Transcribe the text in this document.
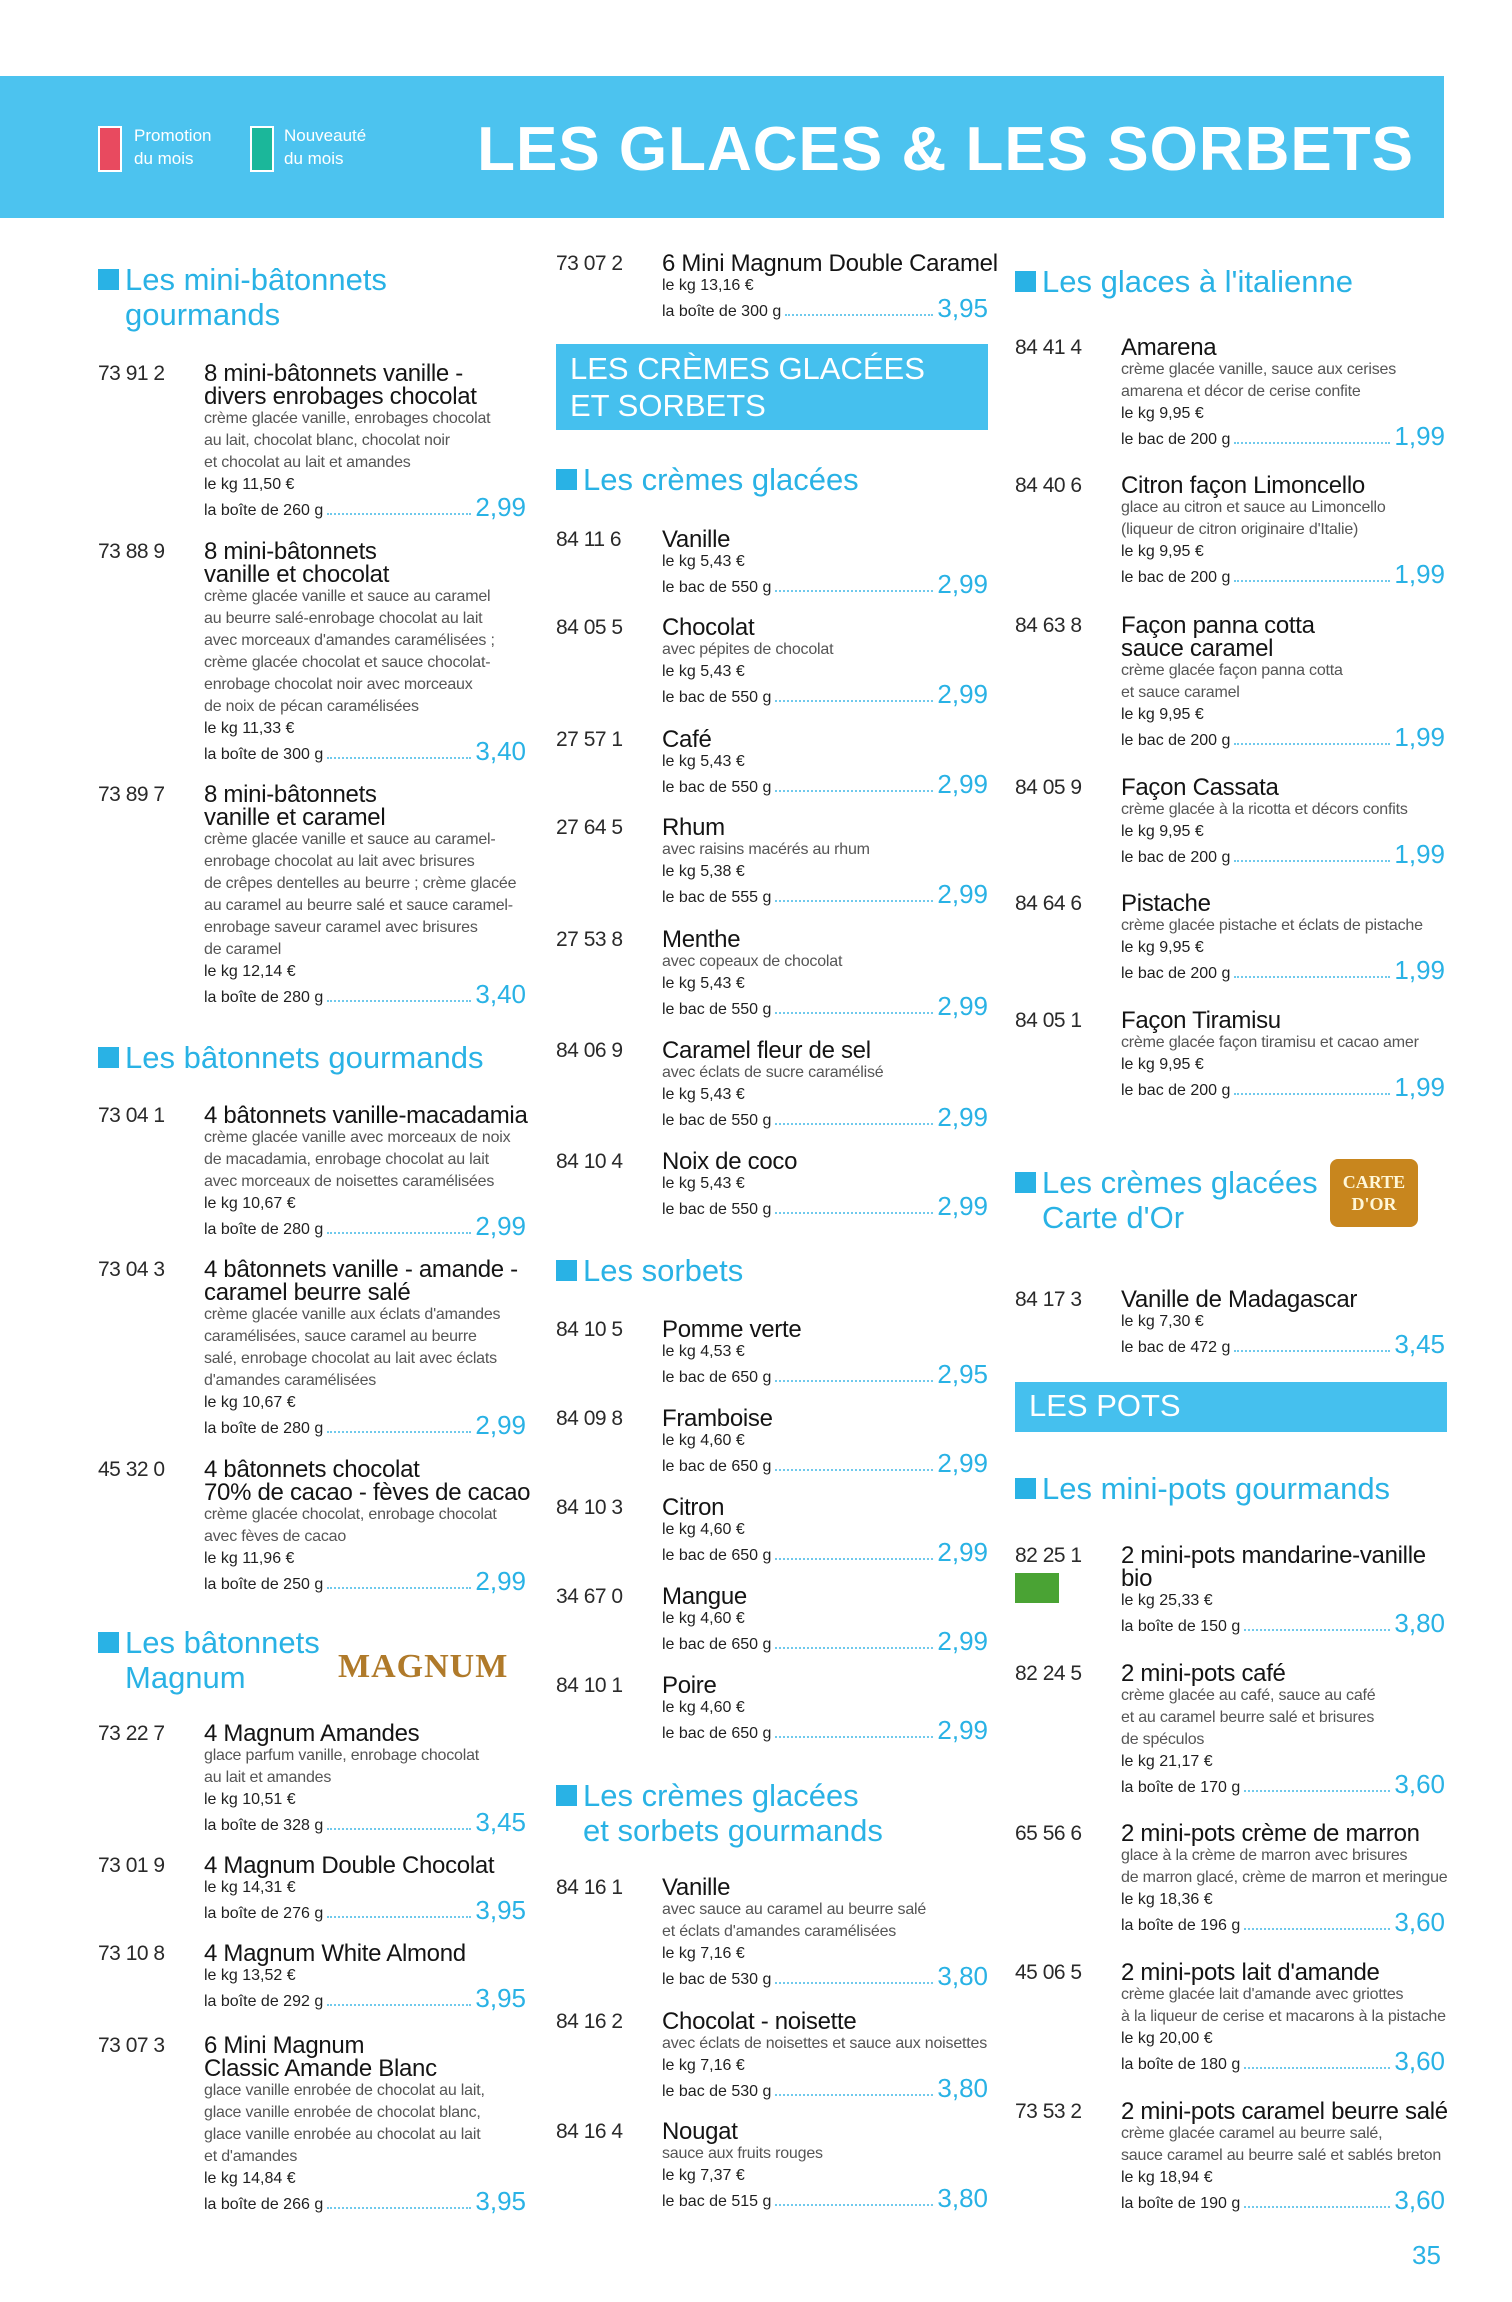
Promotion
du mois
Nouveauté
du mois	LES GLACES & LES SORBETS
Les mini-bâtonnets
gourmands
Les bâtonnets gourmands
Les bâtonnets
Magnum	MAGNUM
LES CRÈMES GLACÉES
ET SORBETS
Les crèmes glacées
Les sorbets
Les crèmes glacées
et sorbets gourmands
Les glaces à l'italienne
Les crèmes glacées
Carte d'Or
CARTE
D'OR
LES POTS
Les mini-pots gourmands
35
73 91 2 8 mini-bâtonnets vanille -
divers enrobages chocolat
crème glacée vanille, enrobages chocolat
au lait, chocolat blanc, chocolat noir
et chocolat au lait et amandes
le kg 11,50 €
la boîte de 260 g	2,99
73 88 9 8 mini-bâtonnets
vanille et chocolat
crème glacée vanille et sauce au caramel
au beurre salé-enrobage chocolat au lait
avec morceaux d'amandes caramélisées ;
crème glacée chocolat et sauce chocolat-
enrobage chocolat noir avec morceaux
de noix de pécan caramélisées
le kg 11,33 €
la boîte de 300 g	3,40
73 89 7 8 mini-bâtonnets
vanille et caramel
crème glacée vanille et sauce au caramel-
enrobage chocolat au lait avec brisures
de crêpes dentelles au beurre ; crème glacée
au caramel au beurre salé et sauce caramel-
enrobage saveur caramel avec brisures
de caramel
le kg 12,14 €
la boîte de 280 g	3,40
73 04 1 4 bâtonnets vanille-macadamia
crème glacée vanille avec morceaux de noix
de macadamia, enrobage chocolat au lait
avec morceaux de noisettes caramélisées
le kg 10,67 €
la boîte de 280 g	2,99
73 04 3 4 bâtonnets vanille - amande -
caramel beurre salé
crème glacée vanille aux éclats d'amandes
caramélisées, sauce caramel au beurre
salé, enrobage chocolat au lait avec éclats
d'amandes caramélisées
le kg 10,67 €
la boîte de 280 g	2,99
45 32 0 4 bâtonnets chocolat
70% de cacao - fèves de cacao
crème glacée chocolat, enrobage chocolat
avec fèves de cacao
le kg 11,96 €
la boîte de 250 g	2,99
73 22 7 4 Magnum Amandes
glace parfum vanille, enrobage chocolat
au lait et amandes
le kg 10,51 €
la boîte de 328 g	3,45
73 01 9 4 Magnum Double Chocolat
le kg 14,31 €
la boîte de 276 g	3,95
73 10 8 4 Magnum White Almond
le kg 13,52 €
la boîte de 292 g	3,95
73 07 3 6 Mini Magnum
Classic Amande Blanc
glace vanille enrobée de chocolat au lait,
glace vanille enrobée de chocolat blanc,
glace vanille enrobée au chocolat au lait
et d'amandes
le kg 14,84 €
la boîte de 266 g	3,95
84 11 6 Vanille
le kg 5,43 €
le bac de 550 g	2,99
84 05 5 Chocolat
avec pépites de chocolat
le kg 5,43 €
le bac de 550 g	2,99
27 57 1 Café
le kg 5,43 €
le bac de 550 g	2,99
27 64 5 Rhum
avec raisins macérés au rhum
le kg 5,38 €
le bac de 555 g	2,99
27 53 8 Menthe
avec copeaux de chocolat
le kg 5,43 €
le bac de 550 g	2,99
84 06 9 Caramel fleur de sel
avec éclats de sucre caramélisé
le kg 5,43 €
le bac de 550 g	2,99
84 10 4 Noix de coco
le kg 5,43 €
le bac de 550 g	2,99
84 10 5 Pomme verte
le kg 4,53 €
le bac de 650 g	2,95
84 09 8 Framboise
le kg 4,60 €
le bac de 650 g	2,99
84 10 3 Citron
le kg 4,60 €
le bac de 650 g	2,99
34 67 0 Mangue
le kg 4,60 €
le bac de 650 g	2,99
84 10 1 Poire
le kg 4,60 €
le bac de 650 g	2,99
84 16 1 Vanille
avec sauce au caramel au beurre salé
et éclats d'amandes caramélisées
le kg 7,16 €
le bac de 530 g	3,80
84 16 2 Chocolat - noisette
avec éclats de noisettes et sauce aux noisettes
le kg 7,16 €
le bac de 530 g	3,80
84 16 4 Nougat
sauce aux fruits rouges
le kg 7,37 €
le bac de 515 g	3,80
84 41 4 Amarena
crème glacée vanille, sauce aux cerises
amarena et décor de cerise confite
le kg 9,95 €
le bac de 200 g	1,99
84 40 6 Citron façon Limoncello
glace au citron et sauce au Limoncello
(liqueur de citron originaire d'Italie)
le kg 9,95 €
le bac de 200 g	1,99
84 63 8 Façon panna cotta
sauce caramel
crème glacée façon panna cotta
et sauce caramel
le kg 9,95 €
le bac de 200 g	1,99
84 05 9 Façon Cassata
crème glacée à la ricotta et décors confits
le kg 9,95 €
le bac de 200 g	1,99
84 64 6 Pistache
crème glacée pistache et éclats de pistache
le kg 9,95 €
le bac de 200 g	1,99
84 05 1 Façon Tiramisu
crème glacée façon tiramisu et cacao amer
le kg 9,95 €
le bac de 200 g	1,99
84 17 3 Vanille de Madagascar
le kg 7,30 €
le bac de 472 g	3,45
82 25 1 2 mini-pots mandarine-vanille
bio
le kg 25,33 €
la boîte de 150 g	3,80
82 24 5 2 mini-pots café
crème glacée au café, sauce au café
et au caramel beurre salé et brisures
de spéculos
le kg 21,17 €
la boîte de 170 g	3,60
65 56 6 2 mini-pots crème de marron
glace à la crème de marron avec brisures
de marron glacé, crème de marron et meringue
le kg 18,36 €
la boîte de 196 g	3,60
45 06 5 2 mini-pots lait d'amande
crème glacée lait d'amande avec griottes
à la liqueur de cerise et macarons à la pistache
le kg 20,00 €
la boîte de 180 g	3,60
73 53 2 2 mini-pots caramel beurre salé
crème glacée caramel au beurre salé,
sauce caramel au beurre salé et sablés breton
le kg 18,94 €
la boîte de 190 g	3,60
73 07 2 6 Mini Magnum Double Caramel
le kg 13,16 €
la boîte de 300 g	3,95
